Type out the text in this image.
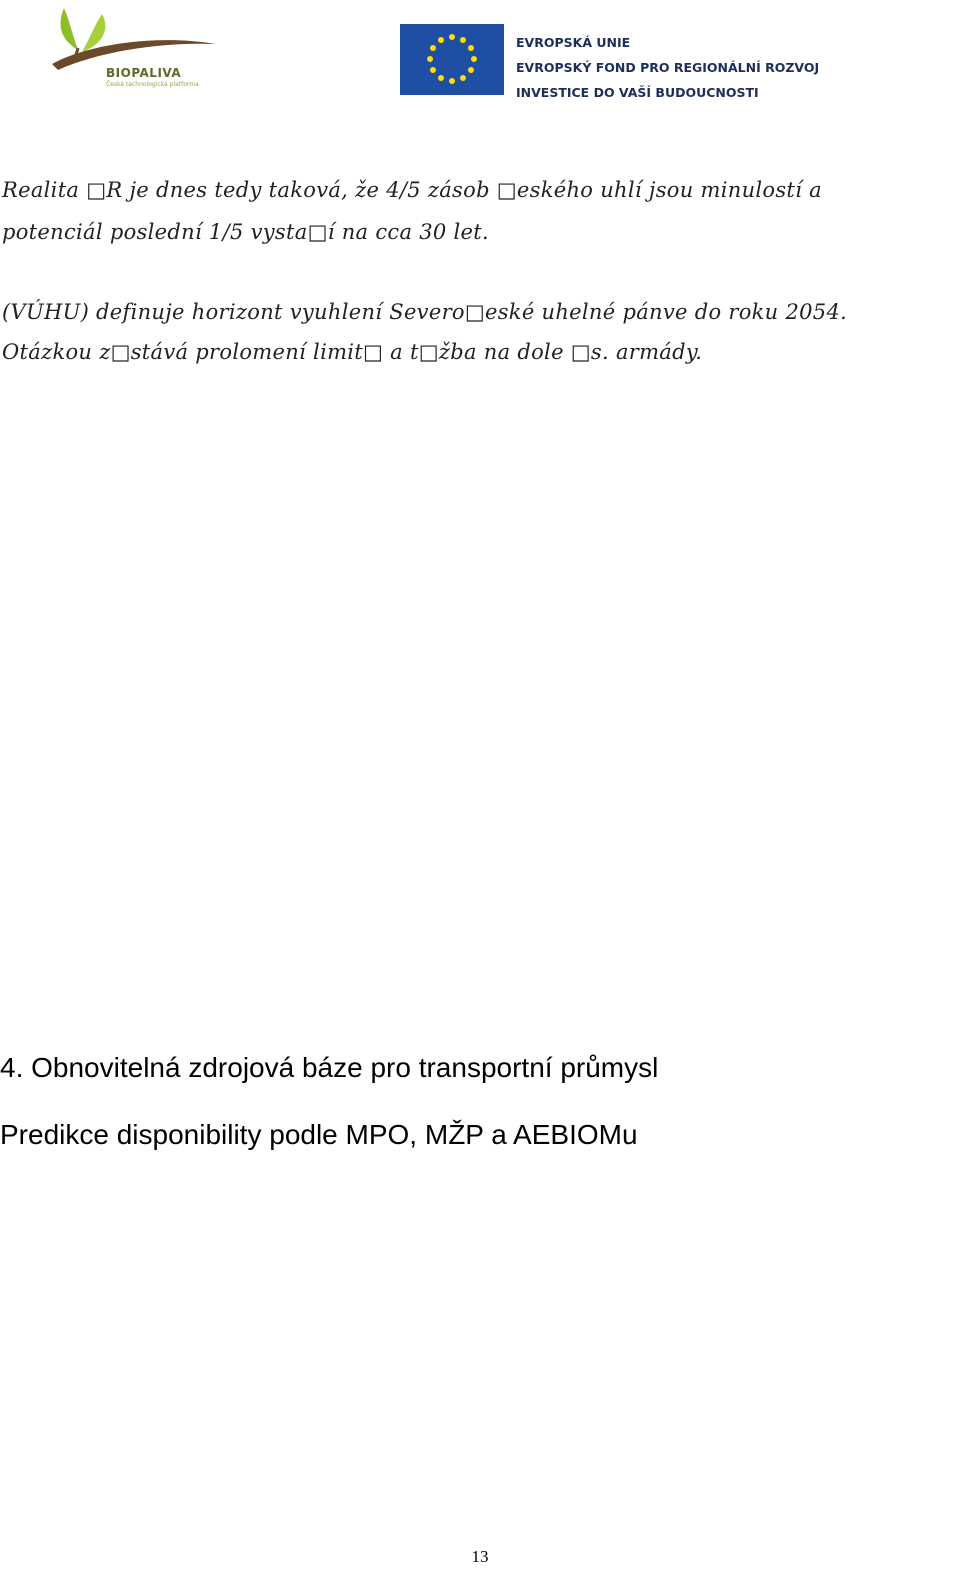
BIOPALIVA
Česká technologická platforma
EVROPSKÁ UNIE
EVROPSKÝ FOND PRO REGIONÁLNÍ ROZVOJ
INVESTICE DO VAŠÍ BUDOUCNOSTI
Realita □R je dnes tedy taková, že 4/5 zásob □eského uhlí jsou minulostí a
potenciál poslední 1/5 vysta□í na cca 30 let.
(VÚHU) definuje horizont vyuhlení Severo□eské uhelné pánve do roku 2054.
Otázkou z□stává prolomení limit□ a t□žba na dole □s. armády.
4. Obnovitelná zdrojová báze pro transportní průmysl
Predikce disponibility podle MPO, MŽP a AEBIOMu
13
